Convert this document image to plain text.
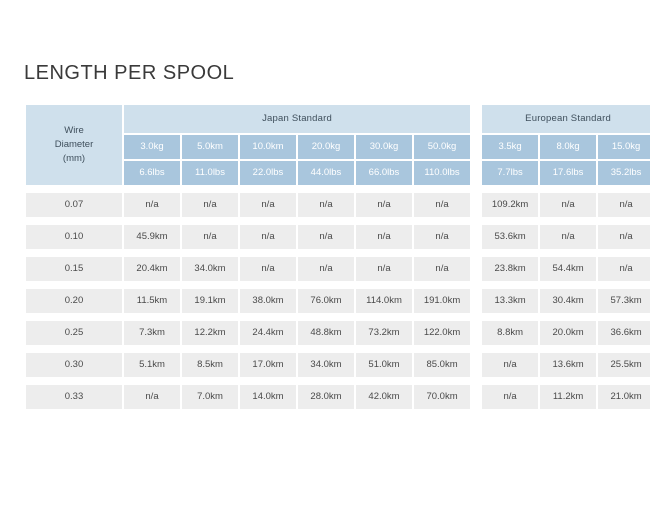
LENGTH PER SPOOL
Wire
Diameter
(mm)	Japan Standard							European Standard		
	3.0kg	5.0km	10.0km	20.0kg	30.0kg	50.0kg		3.5kg	8.0kg	15.0kg
	6.6lbs	11.0lbs	22.0lbs	44.0lbs	66.0lbs	110.0lbs		7.7lbs	17.6lbs	35.2lbs

0.07	n/a	n/a	n/a	n/a	n/a	n/a		109.2km	n/a	n/a

0.10	45.9km	n/a	n/a	n/a	n/a	n/a		53.6km	n/a	n/a

0.15	20.4km	34.0km	n/a	n/a	n/a	n/a		23.8km	54.4km	n/a

0.20	11.5km	19.1km	38.0km	76.0km	114.0km	191.0km		13.3km	30.4km	57.3km

0.25	7.3km	12.2km	24.4km	48.8km	73.2km	122.0km		8.8km	20.0km	36.6km

0.30	5.1km	8.5km	17.0km	34.0km	51.0km	85.0km		n/a	13.6km	25.5km

0.33	n/a	7.0km	14.0km	28.0km	42.0km	70.0km		n/a	11.2km	21.0km
